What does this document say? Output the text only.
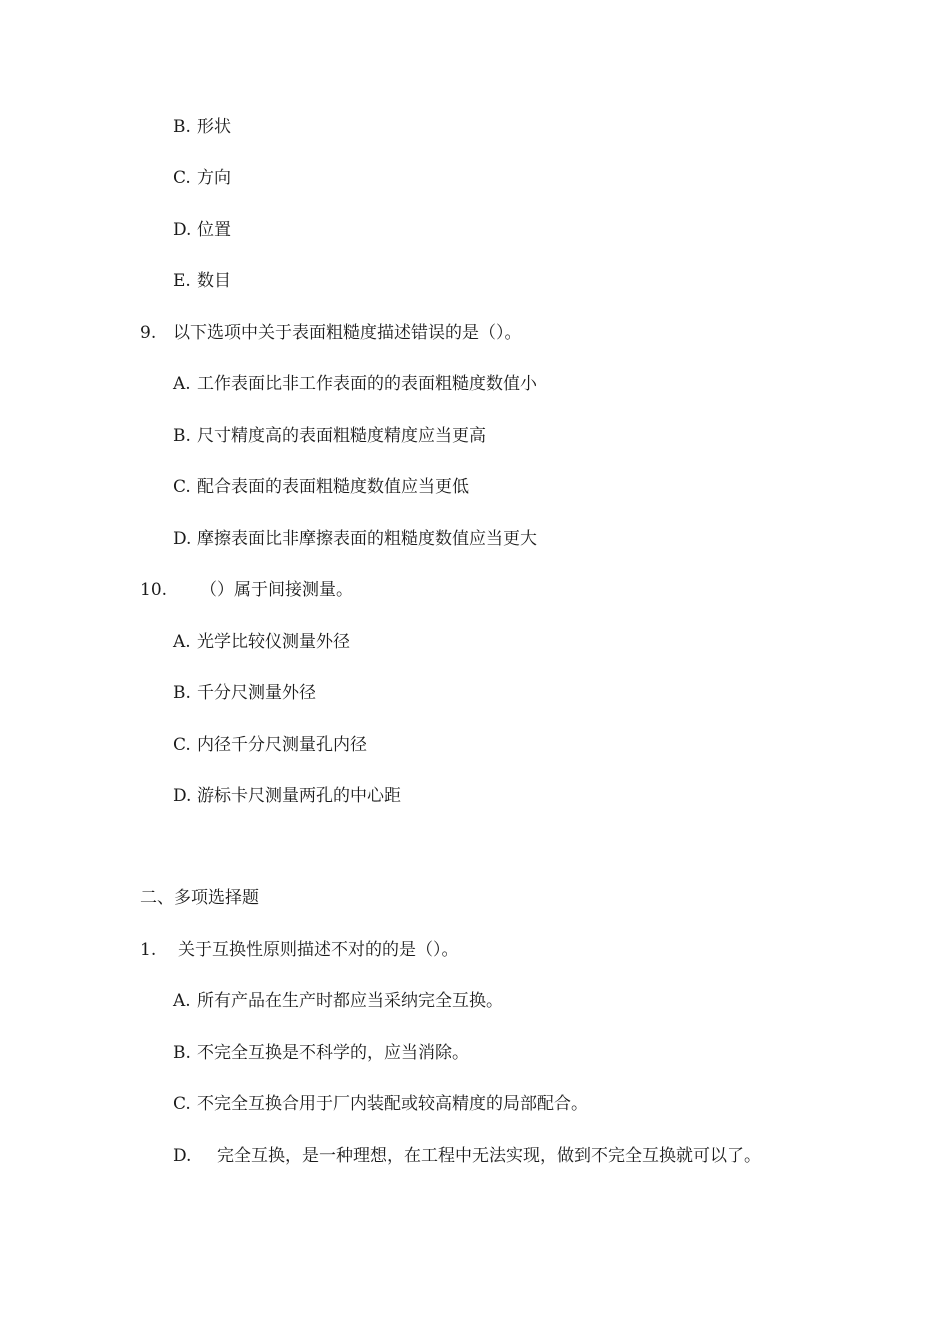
B. 形状
C. 方向
D. 位置
E. 数目
9. 以下选项中关于表面粗糙度描述错误的是（）。
A. 工作表面比非工作表面的的表面粗糙度数值小
B. 尺寸精度高的表面粗糙度精度应当更高
C. 配合表面的表面粗糙度数值应当更低
D. 摩擦表面比非摩擦表面的粗糙度数值应当更大
10. （）属于间接测量。
A. 光学比较仪测量外径
B. 千分尺测量外径
C. 内径千分尺测量孔内径
D. 游标卡尺测量两孔的中心距
二、多项选择题
1. 关于互换性原则描述不对的的是（）。
A. 所有产品在生产时都应当采纳完全互换。
B. 不完全互换是不科学的，应当消除。
C. 不完全互换合用于厂内装配或较高精度的局部配合。
D. 完全互换，是一种理想，在工程中无法实现，做到不完全互换就可以了。
